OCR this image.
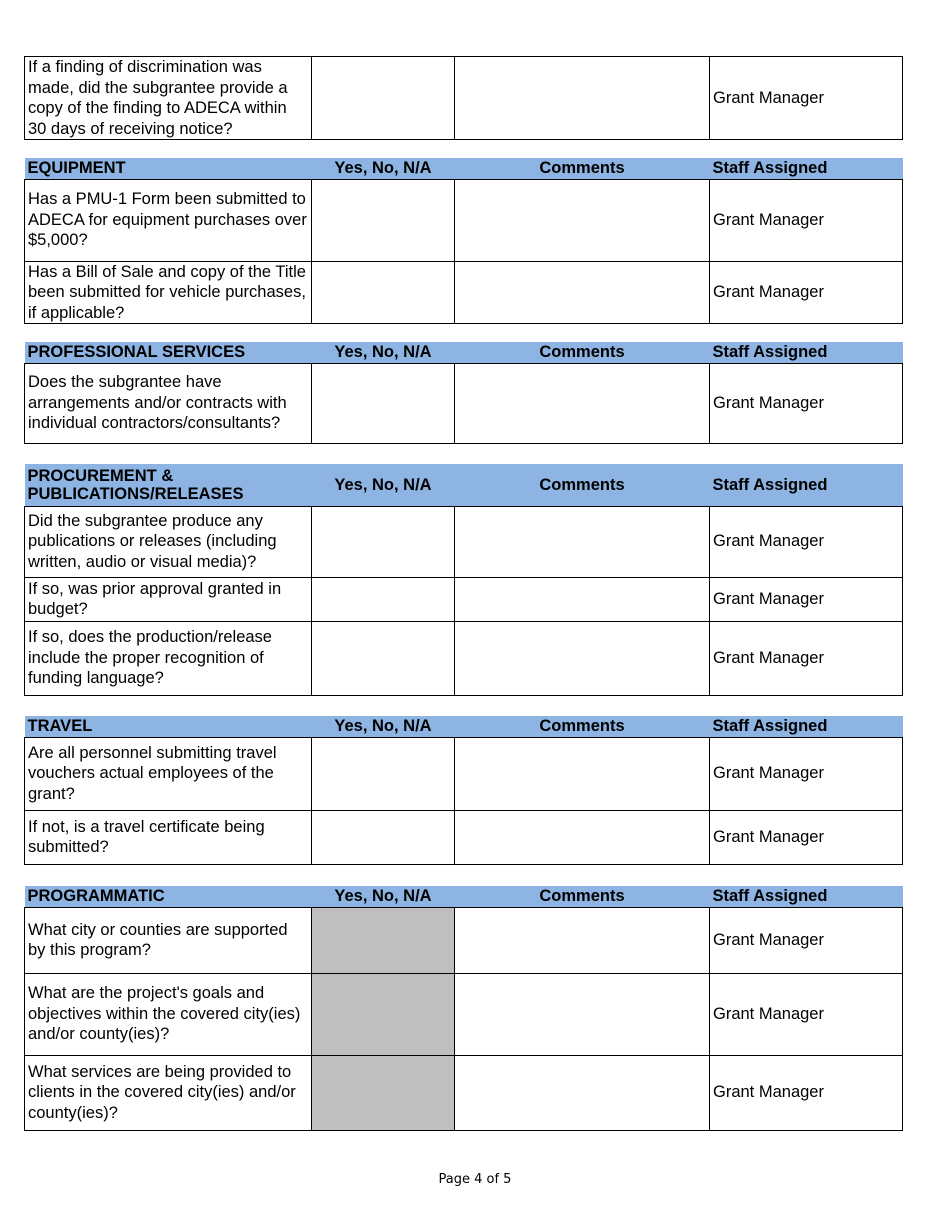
If a finding of discrimination was made, did the subgrantee provide a copy of the finding to ADECA within 30 days of receiving notice?			Grant Manager
EQUIPMENT	Yes, No, N/A	Comments	Staff Assigned
Has a PMU-1 Form been submitted to ADECA for equipment purchases over $5,000?			Grant Manager
Has a Bill of Sale and copy of the Title been submitted for vehicle purchases, if applicable?			Grant Manager
PROFESSIONAL SERVICES	Yes, No, N/A	Comments	Staff Assigned
Does the subgrantee have arrangements and/or contracts with individual contractors/consultants?			Grant Manager
PROCUREMENT & PUBLICATIONS/RELEASES	Yes, No, N/A	Comments	Staff Assigned
Did the subgrantee produce any publications or releases (including written, audio or visual media)?			Grant Manager
If so, was prior approval granted in budget?			Grant Manager
If so, does the production/release include the proper recognition of funding language?			Grant Manager
TRAVEL	Yes, No, N/A	Comments	Staff Assigned
Are all personnel submitting travel vouchers actual employees of the grant?			Grant Manager
If not, is a travel certificate being submitted?			Grant Manager
PROGRAMMATIC	Yes, No, N/A	Comments	Staff Assigned
What city or counties are supported by this program?			Grant Manager
What are the project's goals and objectives within the covered city(ies) and/or county(ies)?			Grant Manager
What services are being provided to clients in the covered city(ies) and/or county(ies)?			Grant Manager
Page 4 of 5
